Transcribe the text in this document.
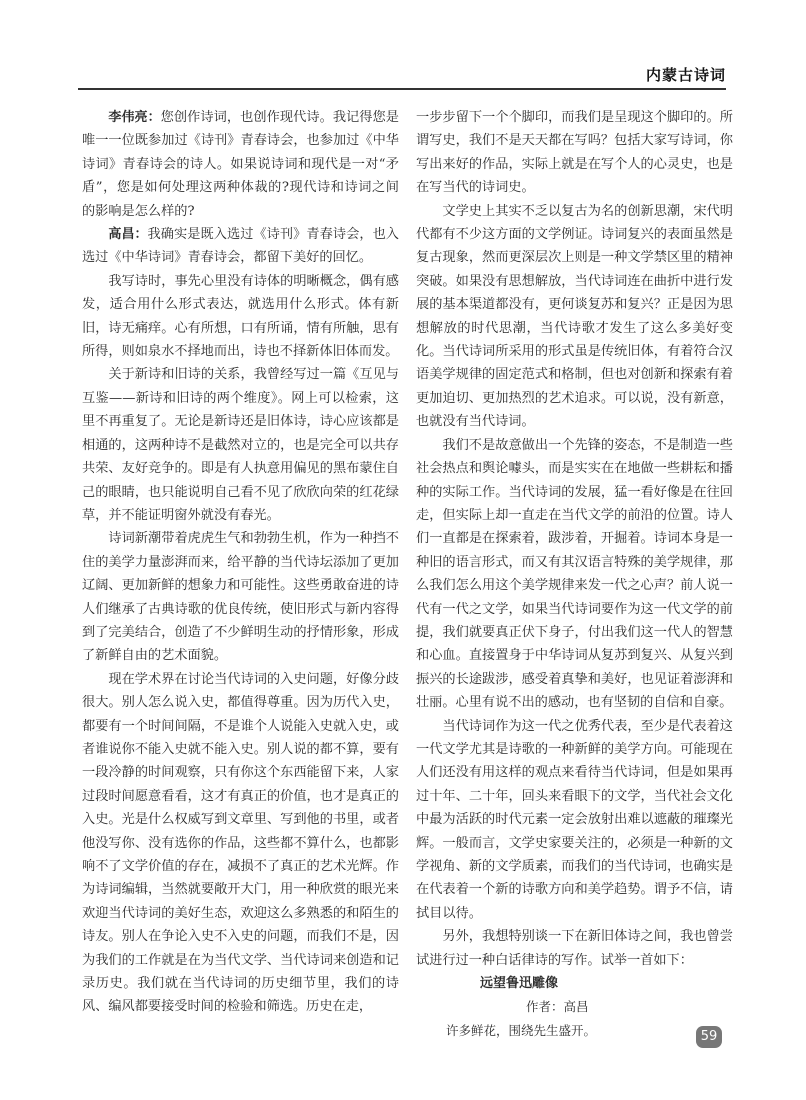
内蒙古诗词

李伟亮：您创作诗词，也创作现代诗。我记得您是唯一一位既参加过《诗刊》青春诗会，也参加过《中华诗词》青春诗会的诗人。如果说诗词和现代是一对“矛盾”，您是如何处理这两种体裁的?现代诗和诗词之间的影响是怎么样的?

高昌：我确实是既入选过《诗刊》青春诗会，也入选过《中华诗词》青春诗会，都留下美好的回忆。

我写诗时，事先心里没有诗体的明晰概念，偶有感发，适合用什么形式表达，就选用什么形式。体有新旧，诗无痛痒。心有所想，口有所诵，情有所触，思有所得，则如泉水不择地而出，诗也不择新体旧体而发。

关于新诗和旧诗的关系，我曾经写过一篇《互见与互鉴——新诗和旧诗的两个维度》。网上可以检索，这里不再重复了。无论是新诗还是旧体诗，诗心应该都是相通的，这两种诗不是截然对立的，也是完全可以共存共荣、友好竞争的。即是有人执意用偏见的黑布蒙住自己的眼睛，也只能说明自己看不见了欣欣向荣的红花绿草，并不能证明窗外就没有春光。

诗词新潮带着虎虎生气和勃勃生机，作为一种挡不住的美学力量澎湃而来，给平静的当代诗坛添加了更加辽阔、更加新鲜的想象力和可能性。这些勇敢奋进的诗人们继承了古典诗歌的优良传统，使旧形式与新内容得到了完美结合，创造了不少鲜明生动的抒情形象，形成了新鲜自由的艺术面貌。

现在学术界在讨论当代诗词的入史问题，好像分歧很大。别人怎么说入史，都值得尊重。因为历代入史，都要有一个时间间隔，不是谁个人说能入史就入史，或者谁说你不能入史就不能入史。别人说的都不算，要有一段冷静的时间观察，只有你这个东西能留下来，人家过段时间愿意看看，这才有真正的价值，也才是真正的入史。光是什么权威写到文章里、写到他的书里，或者他没写你、没有选你的作品，这些都不算什么，也都影响不了文学价值的存在，减损不了真正的艺术光辉。作为诗词编辑，当然就要敞开大门，用一种欣赏的眼光来欢迎当代诗词的美好生态，欢迎这么多熟悉的和陌生的诗友。别人在争论入史不入史的问题，而我们不是，因为我们的工作就是在为当代文学、当代诗词来创造和记录历史。我们就在当代诗词的历史细节里，我们的诗风、编风都要接受时间的检验和筛选。历史在走，

一步步留下一个个脚印，而我们是呈现这个脚印的。所谓写史，我们不是天天都在写吗？包括大家写诗词，你写出来好的作品，实际上就是在写个人的心灵史，也是在写当代的诗词史。

文学史上其实不乏以复古为名的创新思潮，宋代明代都有不少这方面的文学例证。诗词复兴的表面虽然是复古现象，然而更深层次上则是一种文学禁区里的精神突破。如果没有思想解放，当代诗词连在曲折中进行发展的基本渠道都没有，更何谈复苏和复兴？正是因为思想解放的时代思潮，当代诗歌才发生了这么多美好变化。当代诗词所采用的形式虽是传统旧体，有着符合汉语美学规律的固定范式和格制，但也对创新和探索有着更加迫切、更加热烈的艺术追求。可以说，没有新意，也就没有当代诗词。

我们不是故意做出一个先锋的姿态，不是制造一些社会热点和舆论噱头，而是实实在在地做一些耕耘和播种的实际工作。当代诗词的发展，猛一看好像是在往回走，但实际上却一直走在当代文学的前沿的位置。诗人们一直都是在探索着，跋涉着，开掘着。诗词本身是一种旧的语言形式，而又有其汉语言特殊的美学规律，那么我们怎么用这个美学规律来发一代之心声？前人说一代有一代之文学，如果当代诗词要作为这一代文学的前提，我们就要真正伏下身子，付出我们这一代人的智慧和心血。直接置身于中华诗词从复苏到复兴、从复兴到振兴的长途跋涉，感受着真挚和美好，也见证着澎湃和壮丽。心里有说不出的感动，也有坚韧的自信和自豪。

当代诗词作为这一代之优秀代表，至少是代表着这一代文学尤其是诗歌的一种新鲜的美学方向。可能现在人们还没有用这样的观点来看待当代诗词，但是如果再过十年、二十年，回头来看眼下的文学，当代社会文化中最为活跃的时代元素一定会放射出难以遮蔽的璀璨光辉。一般而言，文学史家要关注的，必须是一种新的文学视角、新的文学质素，而我们的当代诗词，也确实是在代表着一个新的诗歌方向和美学趋势。谓予不信，请拭目以待。

另外，我想特别谈一下在新旧体诗之间，我也曾尝试进行过一种白话律诗的写作。试举一首如下：

远望鲁迅雕像
作者：高昌
许多鲜花，围绕先生盛开。	59
